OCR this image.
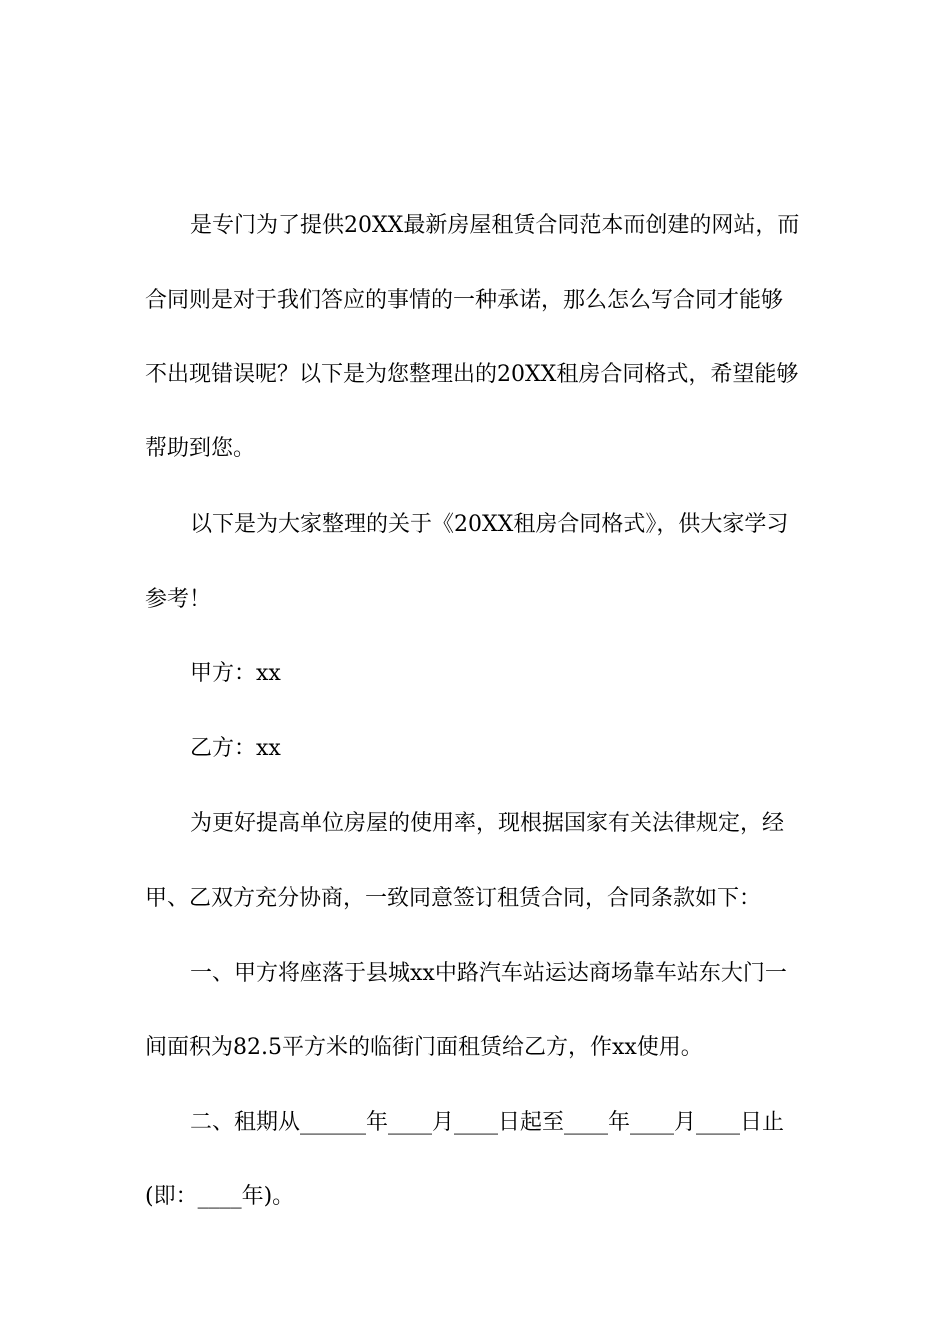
是专门为了提供20XX最新房屋租赁合同范本而创建的网站，而
合同则是对于我们答应的事情的一种承诺，那么怎么写合同才能够
不出现错误呢？以下是为您整理出的20XX租房合同格式，希望能够
帮助到您。
以下是为大家整理的关于《20XX租房合同格式》，供大家学习
参考！
甲方：xx
乙方：xx
为更好提高单位房屋的使用率，现根据国家有关法律规定，经
甲、乙双方充分协商，一致同意签订租赁合同，合同条款如下：
一、甲方将座落于县城xx中路汽车站运达商场靠车站东大门一
间面积为82.5平方米的临街门面租赁给乙方，作xx使用。
二、租期从______年____月____日起至____年____月____日止
(即：____年)。
